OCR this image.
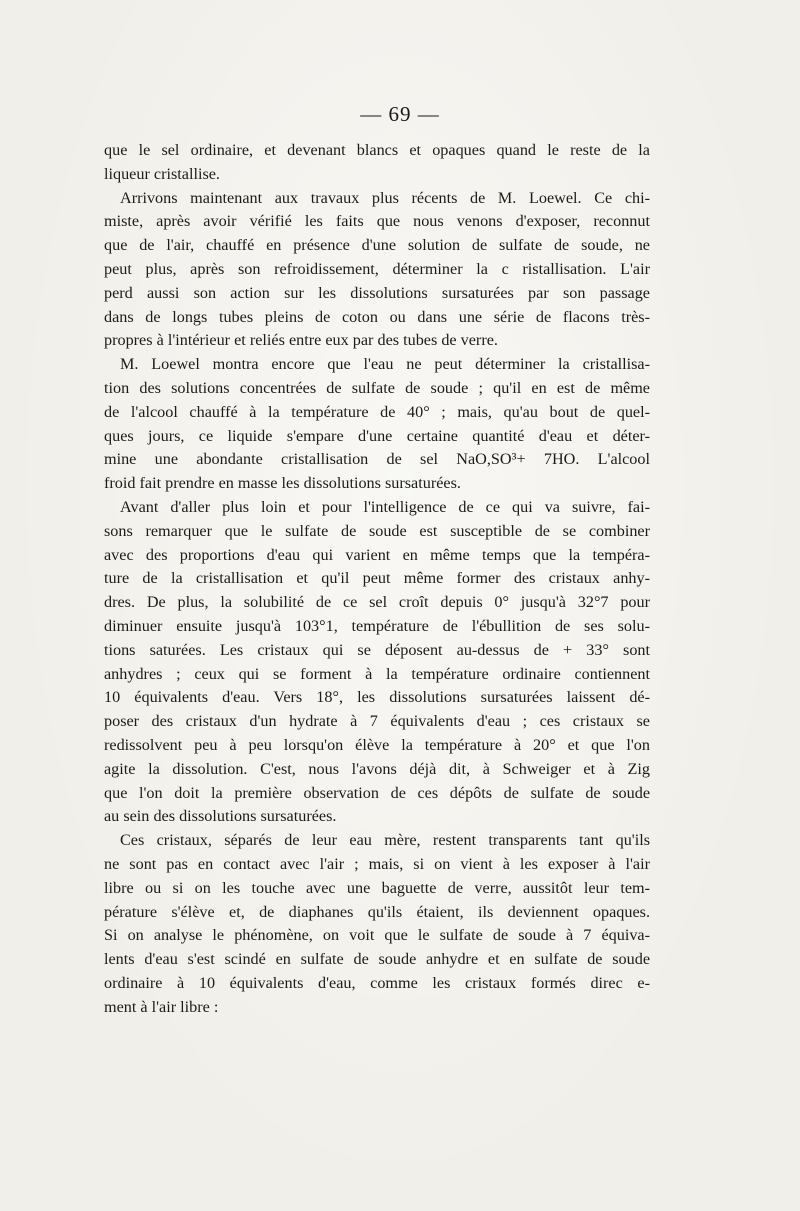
— 69 —
que le sel ordinaire, et devenant blancs et opaques quand le reste de la
liqueur cristallise.
Arrivons maintenant aux travaux plus récents de M. Loewel. Ce chi-
miste, après avoir vérifié les faits que nous venons d'exposer, reconnut
que de l'air, chauffé en présence d'une solution de sulfate de soude, ne
peut plus, après son refroidissement, déterminer la c ristallisation. L'air
perd aussi son action sur les dissolutions sursaturées par son passage
dans de longs tubes pleins de coton ou dans une série de flacons très-
propres à l'intérieur et reliés entre eux par des tubes de verre.
M. Loewel montra encore que l'eau ne peut déterminer la cristallisa-
tion des solutions concentrées de sulfate de soude ; qu'il en est de même
de l'alcool chauffé à la température de 40° ; mais, qu'au bout de quel-
ques jours, ce liquide s'empare d'une certaine quantité d'eau et déter-
mine une abondante cristallisation de sel NaO,SO³+ 7HO. L'alcool
froid fait prendre en masse les dissolutions sursaturées.
Avant d'aller plus loin et pour l'intelligence de ce qui va suivre, fai-
sons remarquer que le sulfate de soude est susceptible de se combiner
avec des proportions d'eau qui varient en même temps que la tempéra-
ture de la cristallisation et qu'il peut même former des cristaux anhy-
dres. De plus, la solubilité de ce sel croît depuis 0° jusqu'à 32°7 pour
diminuer ensuite jusqu'à 103°1, température de l'ébullition de ses solu-
tions saturées. Les cristaux qui se déposent au-dessus de + 33° sont
anhydres ; ceux qui se forment à la température ordinaire contiennent
10 équivalents d'eau. Vers 18°, les dissolutions sursaturées laissent dé-
poser des cristaux d'un hydrate à 7 équivalents d'eau ; ces cristaux se
redissolvent peu à peu lorsqu'on élève la température à 20° et que l'on
agite la dissolution. C'est, nous l'avons déjà dit, à Schweiger et à Zig
que l'on doit la première observation de ces dépôts de sulfate de soude
au sein des dissolutions sursaturées.
Ces cristaux, séparés de leur eau mère, restent transparents tant qu'ils
ne sont pas en contact avec l'air ; mais, si on vient à les exposer à l'air
libre ou si on les touche avec une baguette de verre, aussitôt leur tem-
pérature s'élève et, de diaphanes qu'ils étaient, ils deviennent opaques.
Si on analyse le phénomène, on voit que le sulfate de soude à 7 équiva-
lents d'eau s'est scindé en sulfate de soude anhydre et en sulfate de soude
ordinaire à 10 équivalents d'eau, comme les cristaux formés direc e-
ment à l'air libre :
